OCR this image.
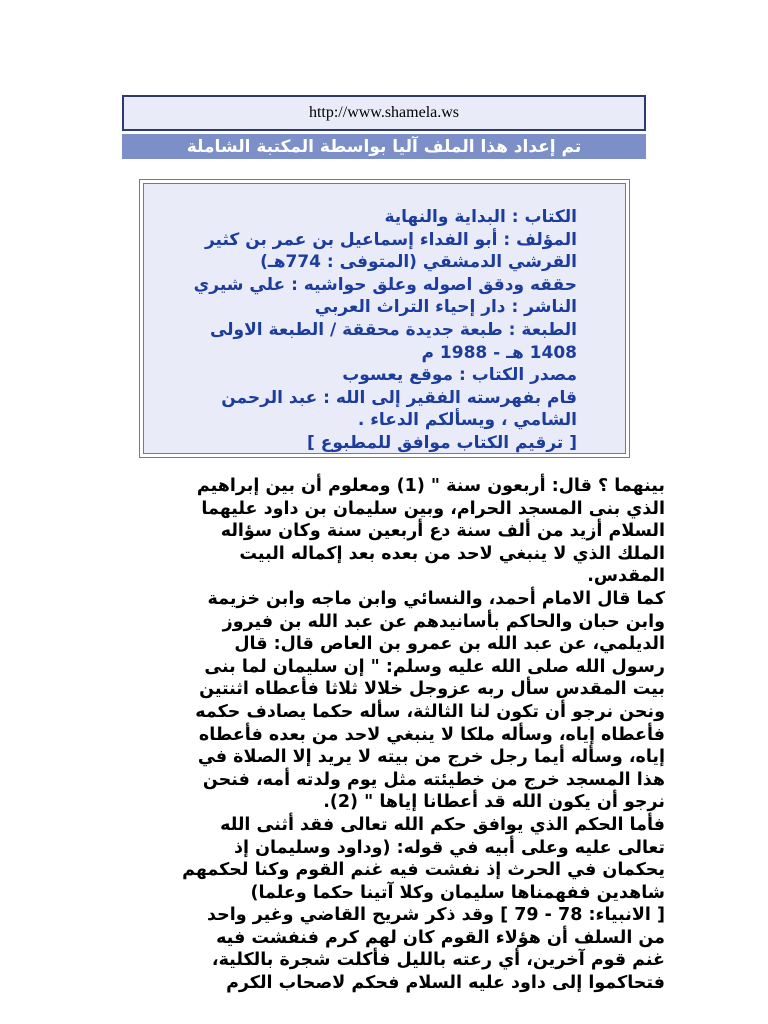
http://www.shamela.ws
تم إعداد هذا الملف آليا بواسطة المكتبة الشاملة
الكتاب : البداية والنهاية
المؤلف : أبو الفداء إسماعيل بن عمر بن كثير
القرشي الدمشقي (المتوفى : 774هـ)
حققه ودقق اصوله وعلق حواشيه : علي شيري
الناشر : دار إحياء التراث العربي
الطبعة : طبعة جديدة محققة / الطبعة الاولى
1408 هـ - 1988 م
مصدر الكتاب : موقع يعسوب
قام بفهرسته الفقير إلى الله : عبد الرحمن
الشامي ، ويسألكم الدعاء .
[ ترقيم الكتاب موافق للمطبوع ]
بينهما ؟ قال: أربعون سنة " (1) ومعلوم أن بين إبراهيم
الذي بنى المسجد الحرام، وبين سليمان بن داود عليهما
السلام أزيد من ألف سنة دع أربعين سنة وكان سؤاله
الملك الذي لا ينبغي لاحد من بعده بعد إكماله البيت
المقدس.
كما قال الامام أحمد، والنسائي وابن ماجه وابن خزيمة
وابن حبان والحاكم بأسانيدهم عن عبد الله بن فيروز
الديلمي، عن عبد الله بن عمرو بن العاص قال: قال
رسول الله صلى الله عليه وسلم: " إن سليمان لما بنى
بيت المقدس سأل ربه عزوجل خلالا ثلاثا فأعطاه اثنتين
ونحن نرجو أن تكون لنا الثالثة، سأله حكما يصادف حكمه
فأعطاه إياه، وسأله ملكا لا ينبغي لاحد من بعده فأعطاه
إياه، وسأله أيما رجل خرج من بيته لا يريد إلا الصلاة في
هذا المسجد خرج من خطيئته مثل يوم ولدته أمه، فنحن
نرجو أن يكون الله قد أعطانا إياها " (2).
فأما الحكم الذي يوافق حكم الله تعالى فقد أثنى الله
تعالى عليه وعلى أبيه في قوله: (وداود وسليمان إذ
يحكمان في الحرث إذ نفشت فيه غنم القوم وكنا لحكمهم
شاهدين ففهمناها سليمان وكلا آتينا حكما وعلما)
[ الانبياء: 78 - 79 ] وقد ذكر شريح القاضي وغير واحد
من السلف أن هؤلاء القوم كان لهم كرم فنفشت فيه
غنم قوم آخرين، أي رعته بالليل فأكلت شجرة بالكلية،
فتحاكموا إلى داود عليه السلام فحكم لاصحاب الكرم
